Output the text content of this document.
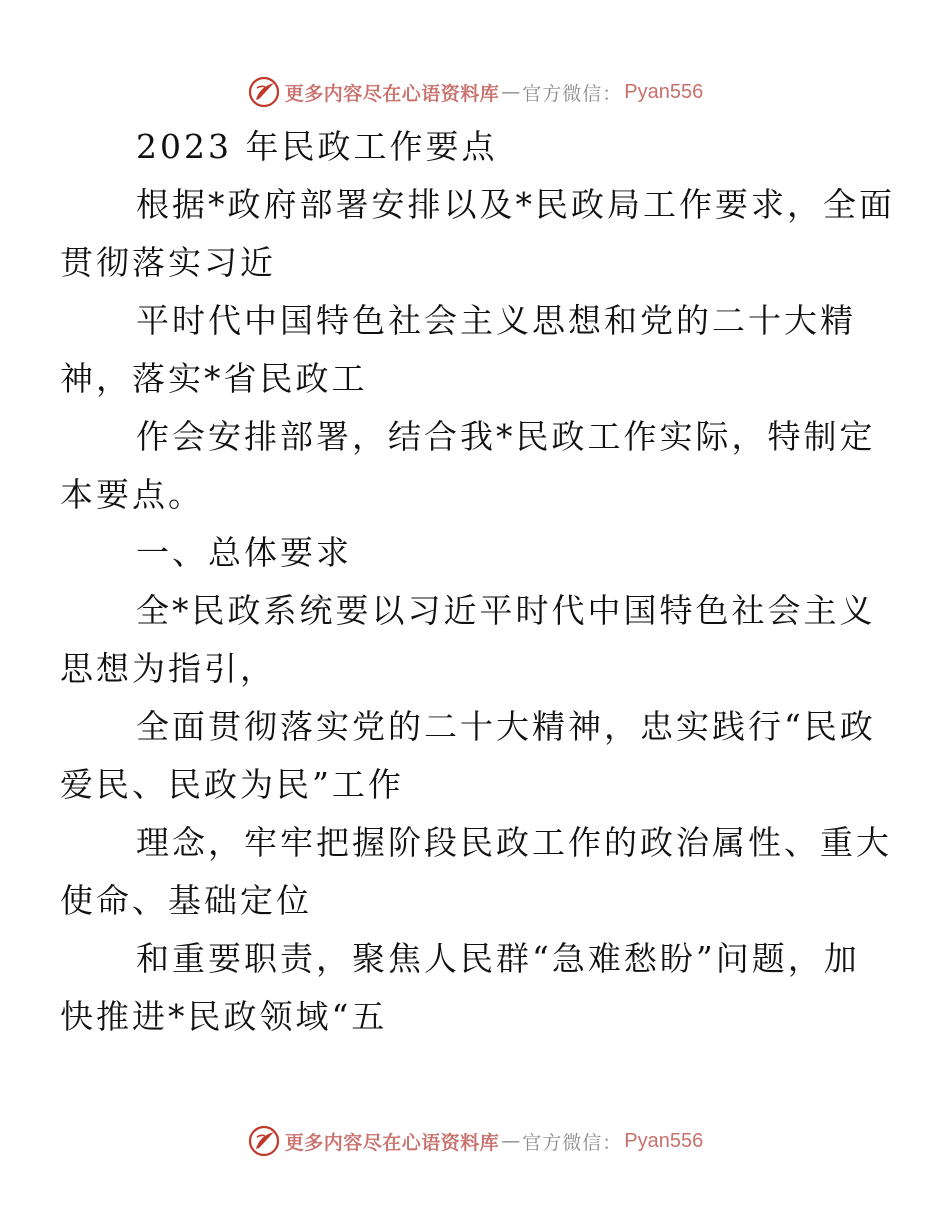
更多内容尽在心语资料库 — 官方微信： Pyan556

2023 年民政工作要点

根据*政府部署安排以及*民政局工作要求，全面
贯彻落实习近

平时代中国特色社会主义思想和党的二十大精
神，落实*省民政工

作会安排部署，结合我*民政工作实际，特制定
本要点。

一、总体要求

全*民政系统要以习近平时代中国特色社会主义
思想为指引，

全面贯彻落实党的二十大精神，忠实践行“民政
爱民、民政为民”工作

理念，牢牢把握阶段民政工作的政治属性、重大
使命、基础定位

和重要职责，聚焦人民群“急难愁盼”问题，加
快推进*民政领域“五

更多内容尽在心语资料库 — 官方微信： Pyan556
